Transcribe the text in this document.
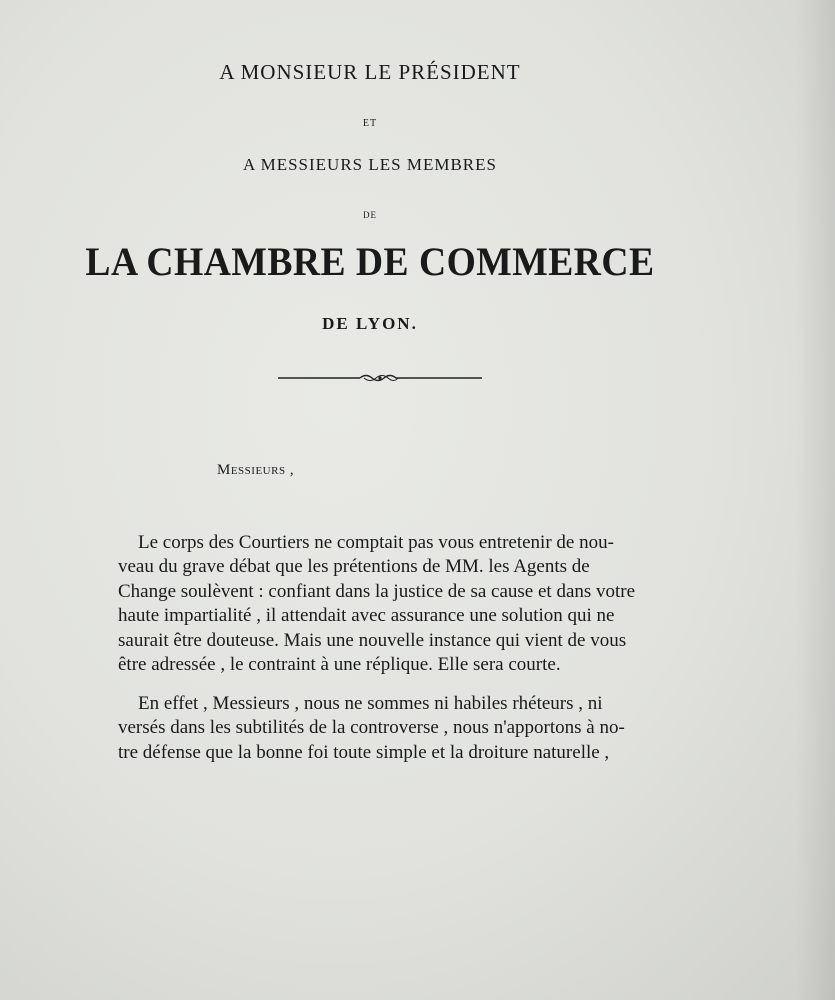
A MONSIEUR LE PRÉSIDENT
ET
A MESSIEURS LES MEMBRES
DE
LA CHAMBRE DE COMMERCE
DE LYON.
Messieurs ,
Le corps des Courtiers ne comptait pas vous entretenir de nou-
veau du grave débat que les prétentions de MM. les Agents de
Change soulèvent : confiant dans la justice de sa cause et dans votre
haute impartialité , il attendait avec assurance une solution qui ne
saurait être douteuse. Mais une nouvelle instance qui vient de vous
être adressée , le contraint à une réplique. Elle sera courte.
En effet , Messieurs , nous ne sommes ni habiles rhéteurs , ni
versés dans les subtilités de la controverse , nous n'apportons à no-
tre défense que la bonne foi toute simple et la droiture naturelle ,
